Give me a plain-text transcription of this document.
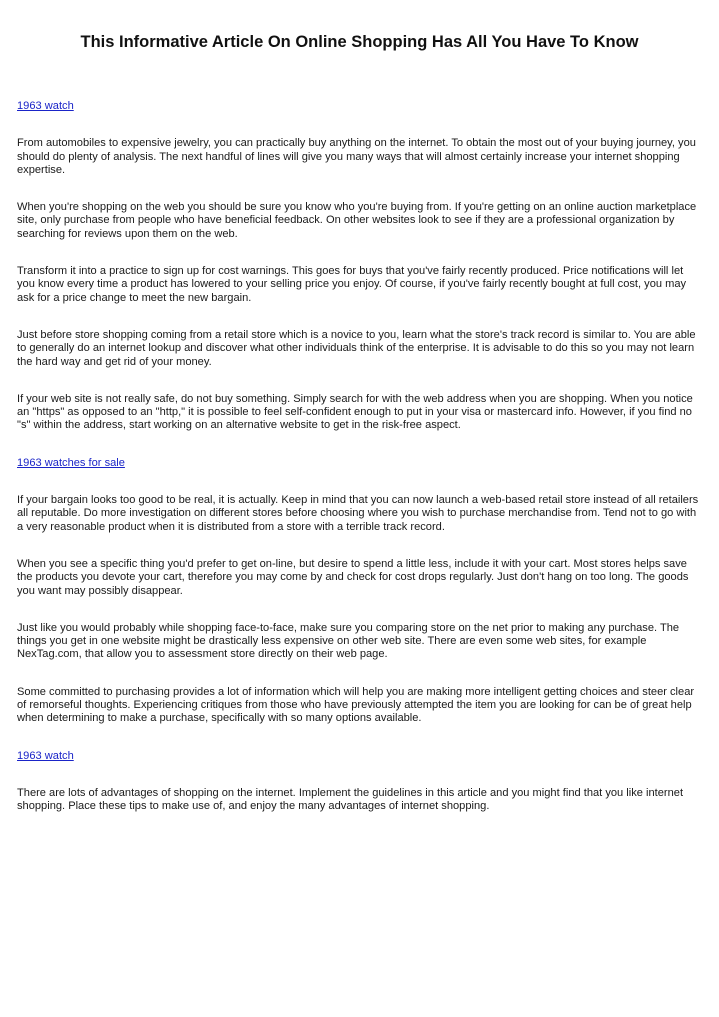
This Informative Article On Online Shopping Has All You Have To Know

1963 watch

From automobiles to expensive jewelry, you can practically buy anything on the internet. To obtain the most out of your buying journey, you should do plenty of analysis. The next handful of lines will give you many ways that will almost certainly increase your internet shopping expertise.

When you're shopping on the web you should be sure you know who you're buying from. If you're getting on an online auction marketplace site, only purchase from people who have beneficial feedback. On other websites look to see if they are a professional organization by searching for reviews upon them on the web.

Transform it into a practice to sign up for cost warnings. This goes for buys that you've fairly recently produced. Price notifications will let you know every time a product has lowered to your selling price you enjoy. Of course, if you've fairly recently bought at full cost, you may ask for a price change to meet the new bargain.

Just before store shopping coming from a retail store which is a novice to you, learn what the store's track record is similar to. You are able to generally do an internet lookup and discover what other individuals think of the enterprise. It is advisable to do this so you may not learn the hard way and get rid of your money.

If your web site is not really safe, do not buy something. Simply search for with the web address when you are shopping. When you notice an "https" as opposed to an "http," it is possible to feel self-confident enough to put in your visa or mastercard info. However, if you find no "s" within the address, start working on an alternative website to get in the risk-free aspect.

1963 watches for sale

If your bargain looks too good to be real, it is actually. Keep in mind that you can now launch a web-based retail store instead of all retailers all reputable. Do more investigation on different stores before choosing where you wish to purchase merchandise from. Tend not to go with a very reasonable product when it is distributed from a store with a terrible track record.

When you see a specific thing you'd prefer to get on-line, but desire to spend a little less, include it with your cart. Most stores helps save the products you devote your cart, therefore you may come by and check for cost drops regularly. Just don't hang on too long. The goods you want may possibly disappear.

Just like you would probably while shopping face-to-face, make sure you comparing store on the net prior to making any purchase. The things you get in one website might be drastically less expensive on other web site. There are even some web sites, for example NexTag.com, that allow you to assessment store directly on their web page.

Some committed to purchasing provides a lot of information which will help you are making more intelligent getting choices and steer clear of remorseful thoughts. Experiencing critiques from those who have previously attempted the item you are looking for can be of great help when determining to make a purchase, specifically with so many options available.

1963 watch

There are lots of advantages of shopping on the internet. Implement the guidelines in this article and you might find that you like internet shopping. Place these tips to make use of, and enjoy the many advantages of internet shopping.
